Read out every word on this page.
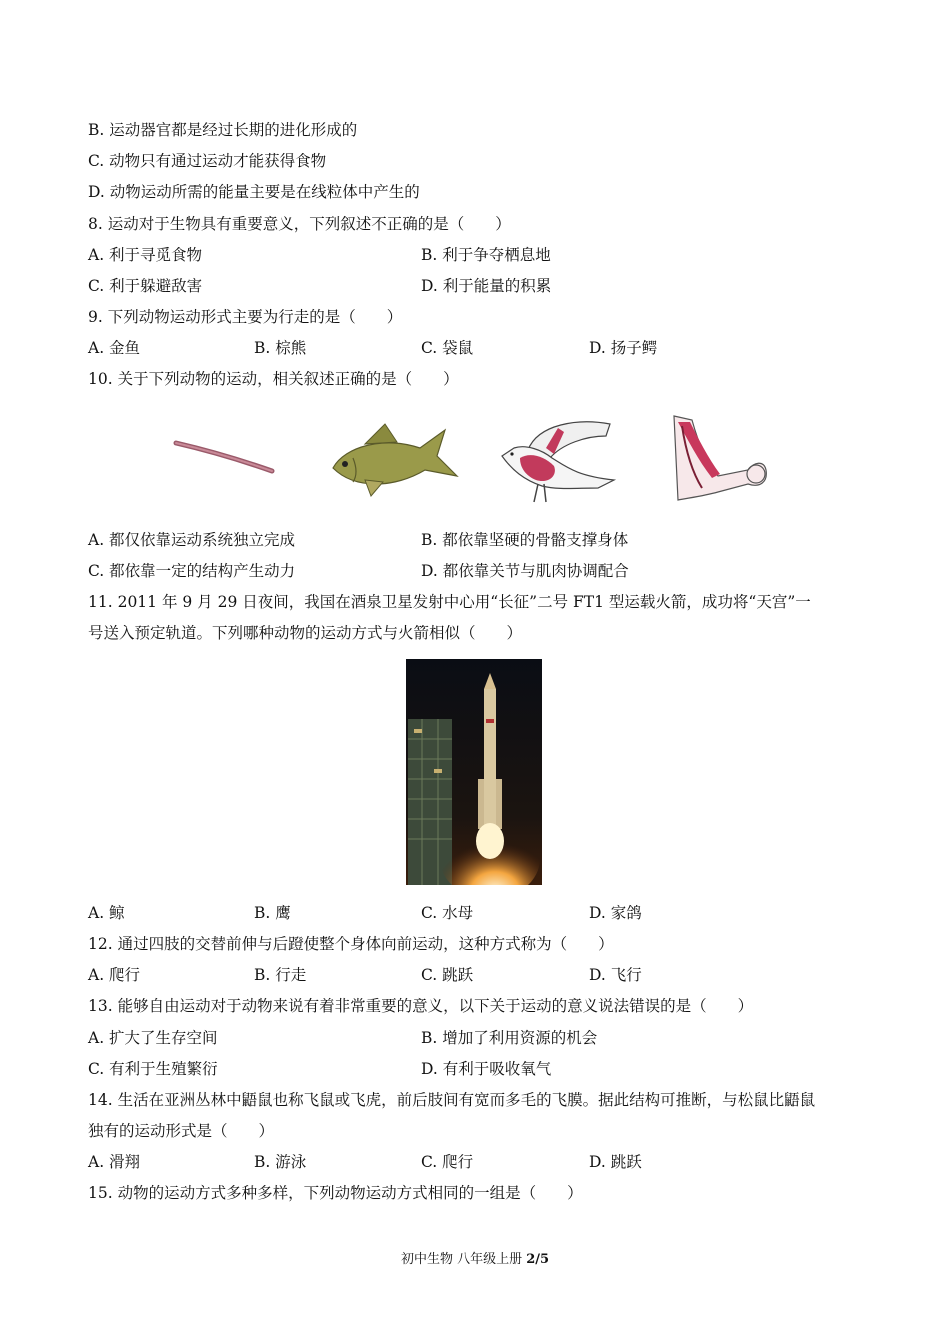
B. 运动器官都是经过长期的进化形成的
C. 动物只有通过运动才能获得食物
D. 动物运动所需的能量主要是在线粒体中产生的
8. 运动对于生物具有重要意义，下列叙述不正确的是（　　）
A. 利于寻觅食物	B. 利于争夺栖息地
C. 利于躲避敌害	D. 利于能量的积累
9. 下列动物运动形式主要为行走的是（　　）
A. 金鱼	B. 棕熊	C. 袋鼠	D. 扬子鳄
10. 关于下列动物的运动，相关叙述正确的是（　　）
A. 都仅依靠运动系统独立完成	B. 都依靠坚硬的骨骼支撑身体
C. 都依靠一定的结构产生动力	D. 都依靠关节与肌肉协调配合
11. 2011 年 9 月 29 日夜间，我国在酒泉卫星发射中心用“长征”二号 FT1 型运载火箭，成功将“天宫”一
号送入预定轨道。下列哪种动物的运动方式与火箭相似（　　）
A. 鲸	B. 鹰	C. 水母	D. 家鸽
12. 通过四肢的交替前伸与后蹬使整个身体向前运动，这种方式称为（　　）
A. 爬行	B. 行走	C. 跳跃	D. 飞行
13. 能够自由运动对于动物来说有着非常重要的意义，以下关于运动的意义说法错误的是（　　）
A. 扩大了生存空间	B. 增加了利用资源的机会
C. 有利于生殖繁衍	D. 有利于吸收氧气
14. 生活在亚洲丛林中鼯鼠也称飞鼠或飞虎，前后肢间有宽而多毛的飞膜。据此结构可推断，与松鼠比鼯鼠
独有的运动形式是（　　）
A. 滑翔	B. 游泳	C. 爬行	D. 跳跃
15. 动物的运动方式多种多样，下列动物运动方式相同的一组是（　　）
初中生物 八年级上册 2/5
